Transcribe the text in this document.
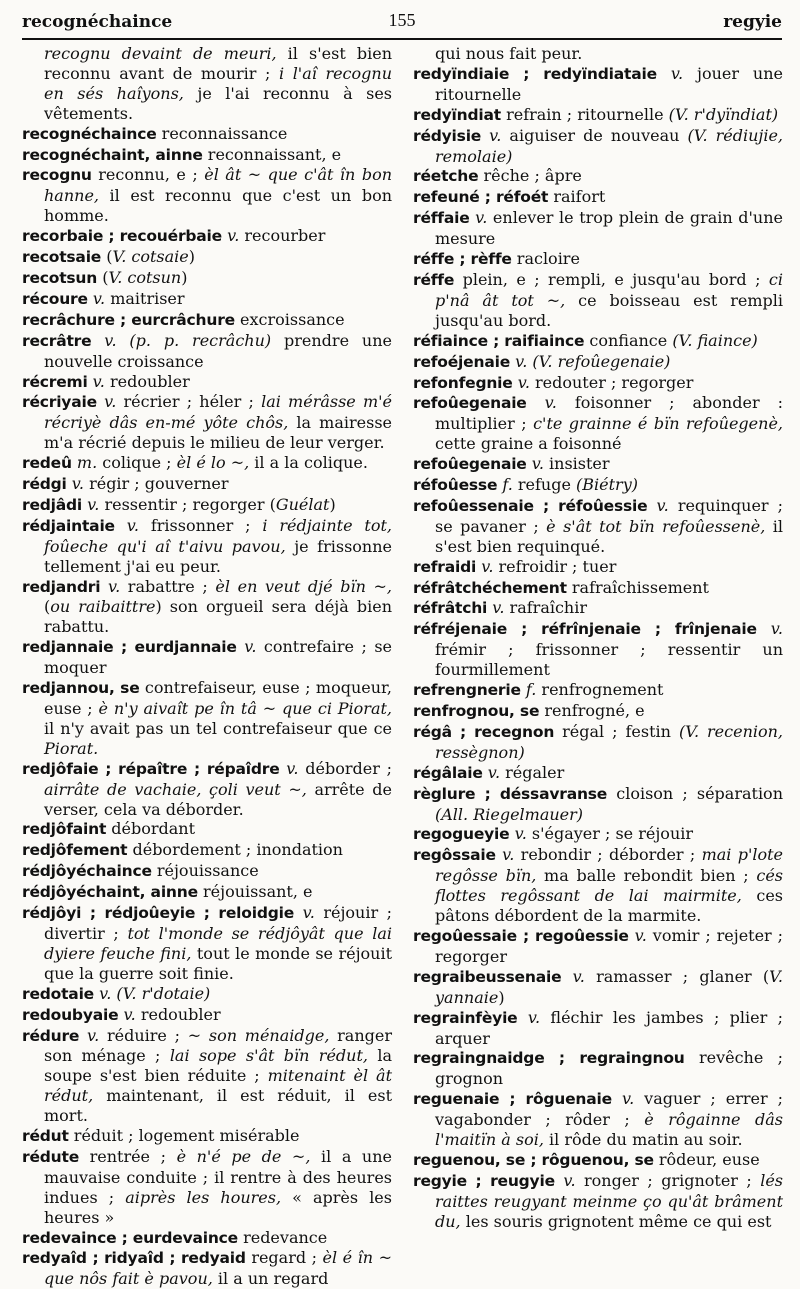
recognéchaince	155	regyie

recognu devaint de meuri, il s'est bien reconnu avant de mourir ; i l'aî recognu en sés haîyons, je l'ai reconnu à ses vêtements.

recognéchaince reconnaissance

recognéchaint, ainne reconnaissant, e

recognu reconnu, e ; èl ât ~ que c'ât în bon hanne, il est reconnu que c'est un bon homme.

recorbaie ; recouérbaie v. recourber

recotsaie (V. cotsaie)

recotsun (V. cotsun)

récoure v. maitriser

recrâchure ; eurcrâchure excroissance

recrâtre v. (p. p. recrâchu) prendre une nouvelle croissance

récremi v. redoubler

récriyaie v. récrier ; héler ; lai mérâsse m'é récriyè dâs en-mé yôte chôs, la mairesse m'a récrié depuis le milieu de leur verger.

redeû m. colique ; èl é lo ~, il a la colique.

rédgi v. régir ; gouverner

redjâdi v. ressentir ; regorger (Guélat)

rédjaintaie v. frissonner ; i rédjainte tot, foûeche qu'i aî t'aivu pavou, je frissonne tellement j'ai eu peur.

redjandri v. rabattre ; èl en veut djé bïn ~, (ou raibaittre) son orgueil sera déjà bien rabattu.

redjannaie ; eurdjannaie v. contrefaire ; se moquer

redjannou, se contrefaiseur, euse ; moqueur, euse ; è n'y aivaît pe în tâ ~ que ci Piorat, il n'y avait pas un tel contrefaiseur que ce Piorat.

redjôfaie ; répaître ; répaîdre v. déborder ; airrâte de vachaie, çoli veut ~, arrête de verser, cela va déborder.

redjôfaint débordant

redjôfement débordement ; inondation

rédjôyéchaince réjouissance

rédjôyéchaint, ainne réjouissant, e

rédjôyi ; rédjoûeyie ; reloidgie v. réjouir ; divertir ; tot l'monde se rédjôyât que lai dyiere feuche fini, tout le monde se réjouit que la guerre soit finie.

redotaie v. (V. r'dotaie)

redoubyaie v. redoubler

rédure v. réduire ; ~ son ménaidge, ranger son ménage ; lai sope s'ât bïn rédut, la soupe s'est bien réduite ; mitenaint èl ât rédut, maintenant, il est réduit, il est mort.

rédut réduit ; logement misérable

rédute rentrée ; è n'é pe de ~, il a une mauvaise conduite ; il rentre à des heures indues ; aiprès les houres, « après les heures »

redevaince ; eurdevaince redevance

redyaîd ; ridyaîd ; redyaid regard ; èl é în ~ que nôs fait è pavou, il a un regard

qui nous fait peur.

redyïndiaie ; redyïndiataie v. jouer une ritournelle

redyïndiat refrain ; ritournelle (V. r'dyïndiat)

rédyisie v. aiguiser de nouveau (V. rédiujie, remolaie)

réetche rêche ; âpre

refeuné ; réfoét raifort

réffaie v. enlever le trop plein de grain d'une mesure

réffe ; rèffe racloire

réffe plein, e ; rempli, e jusqu'au bord ; ci p'nâ ât tot ~, ce boisseau est rempli jusqu'au bord.

réfiaince ; raifiaince confiance (V. fiaince)

refoéjenaie v. (V. refoûegenaie)

refonfegnie v. redouter ; regorger

refoûegenaie v. foisonner ; abonder : multiplier ; c'te grainne é bïn refoûegenè, cette graine a foisonné

refoûegenaie v. insister

réfoûesse f. refuge (Biétry)

refoûessenaie ; réfoûessie v. requinquer ; se pavaner ; è s'ât tot bïn refoûessenè, il s'est bien requinqué.

refraidi v. refroidir ; tuer

réfrâtchéchement rafraîchissement

réfrâtchi v. rafraîchir

réfréjenaie ; réfrînjenaie ; frînjenaie v. frémir ; frissonner ; ressentir un fourmillement

refrengnerie f. renfrognement

renfrognou, se renfrogné, e

régâ ; recegnon régal ; festin (V. recenion, ressègnon)

régâlaie v. régaler

règlure ; déssavranse cloison ; séparation (All. Riegelmauer)

regogueyie v. s'égayer ; se réjouir

regôssaie v. rebondir ; déborder ; mai p'lote regôsse bïn, ma balle rebondit bien ; cés flottes regôssant de lai mairmite, ces pâtons débordent de la marmite.

regoûessaie ; regoûessie v. vomir ; rejeter ; regorger

regraibeussenaie v. ramasser ; glaner (V. yannaie)

regrainfèyie v. fléchir les jambes ; plier ; arquer

regraingnaidge ; regraingnou revêche ; grognon

reguenaie ; rôguenaie v. vaguer ; errer ; vagabonder ; rôder ; è rôgainne dâs l'maitïn à soi, il rôde du matin au soir.

reguenou, se ; rôguenou, se rôdeur, euse

regyie ; reugyie v. ronger ; grignoter ; lés raittes reugyant meinme ço qu'ât brâment du, les souris grignotent même ce qui est
